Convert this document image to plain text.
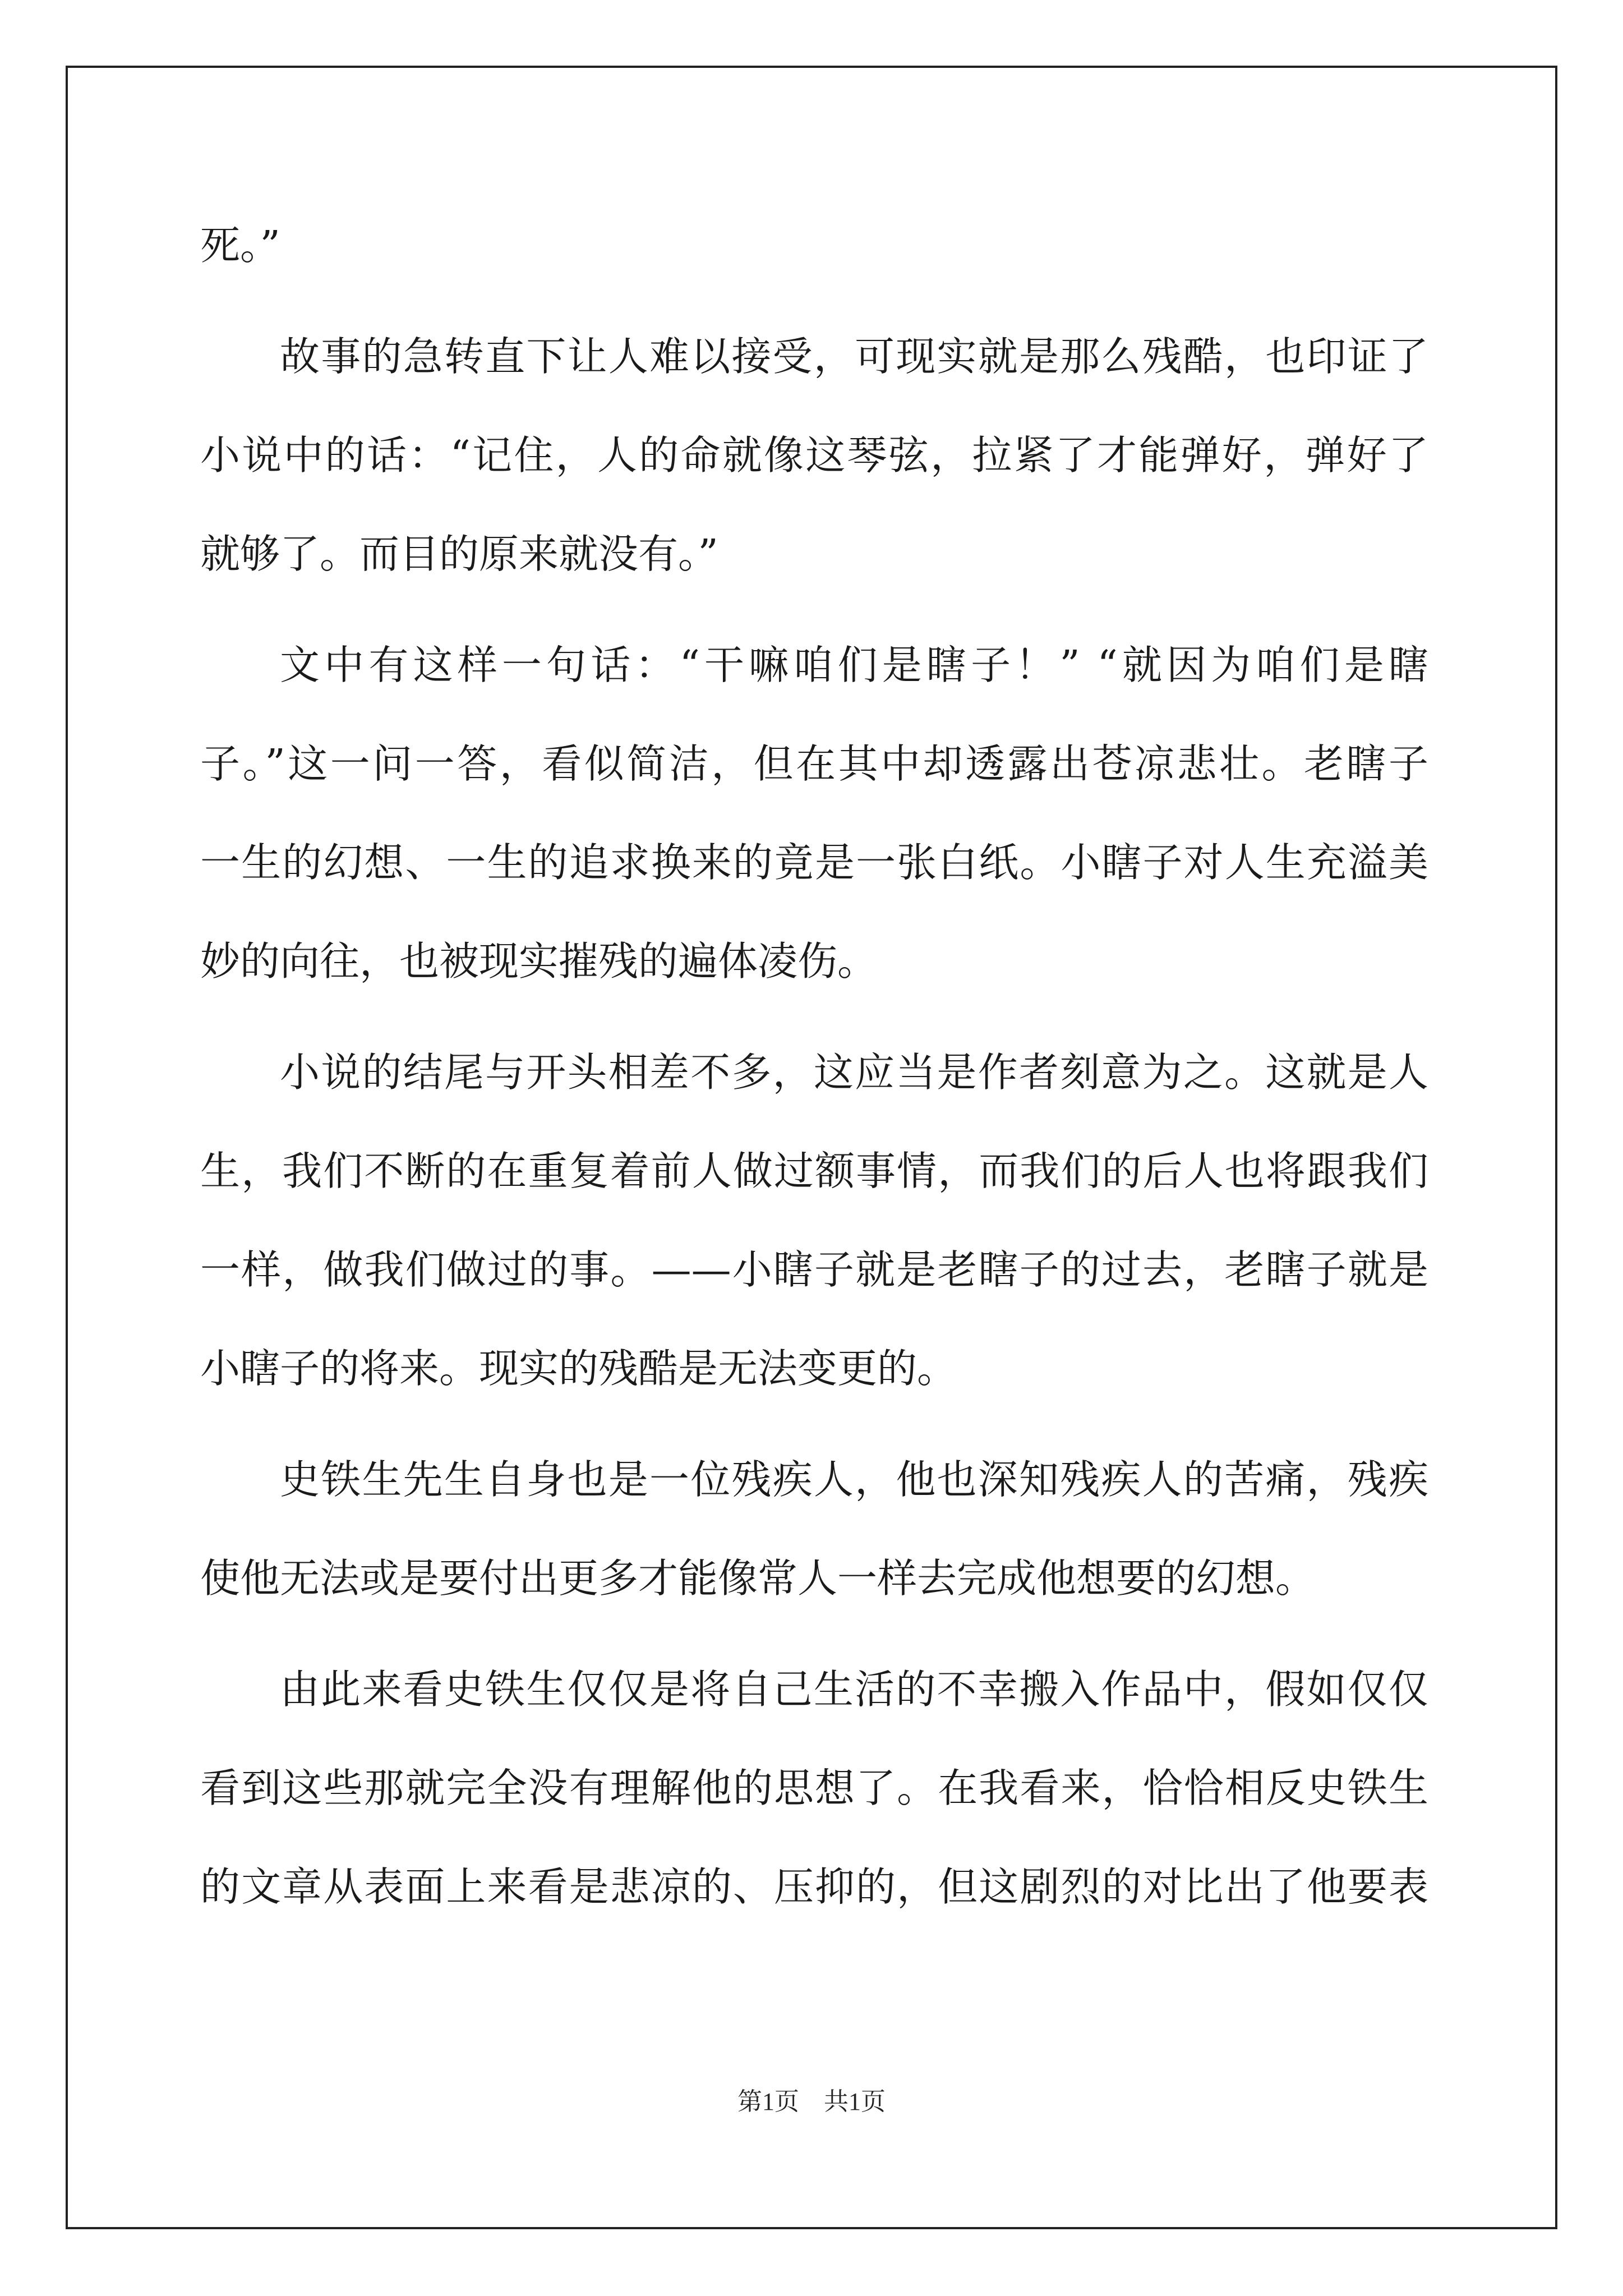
死。”
故事的急转直下让人难以接受，可现实就是那么残酷，也印证了
小说中的话：“记住，人的命就像这琴弦，拉紧了才能弹好，弹好了
就够了。而目的原来就没有。”
文中有这样一句话：“干嘛咱们是瞎子！” “就因为咱们是瞎
子。”这一问一答，看似简洁，但在其中却透露出苍凉悲壮。老瞎子
一生的幻想、一生的追求换来的竟是一张白纸。小瞎子对人生充溢美
妙的向往，也被现实摧残的遍体凌伤。
小说的结尾与开头相差不多，这应当是作者刻意为之。这就是人
生，我们不断的在重复着前人做过额事情，而我们的后人也将跟我们
一样，做我们做过的事。——小瞎子就是老瞎子的过去，老瞎子就是
小瞎子的将来。现实的残酷是无法变更的。
史铁生先生自身也是一位残疾人，他也深知残疾人的苦痛，残疾
使他无法或是要付出更多才能像常人一样去完成他想要的幻想。
由此来看史铁生仅仅是将自己生活的不幸搬入作品中，假如仅仅
看到这些那就完全没有理解他的思想了。在我看来，恰恰相反史铁生
的文章从表面上来看是悲凉的、压抑的，但这剧烈的对比出了他要表
第1页　共1页
